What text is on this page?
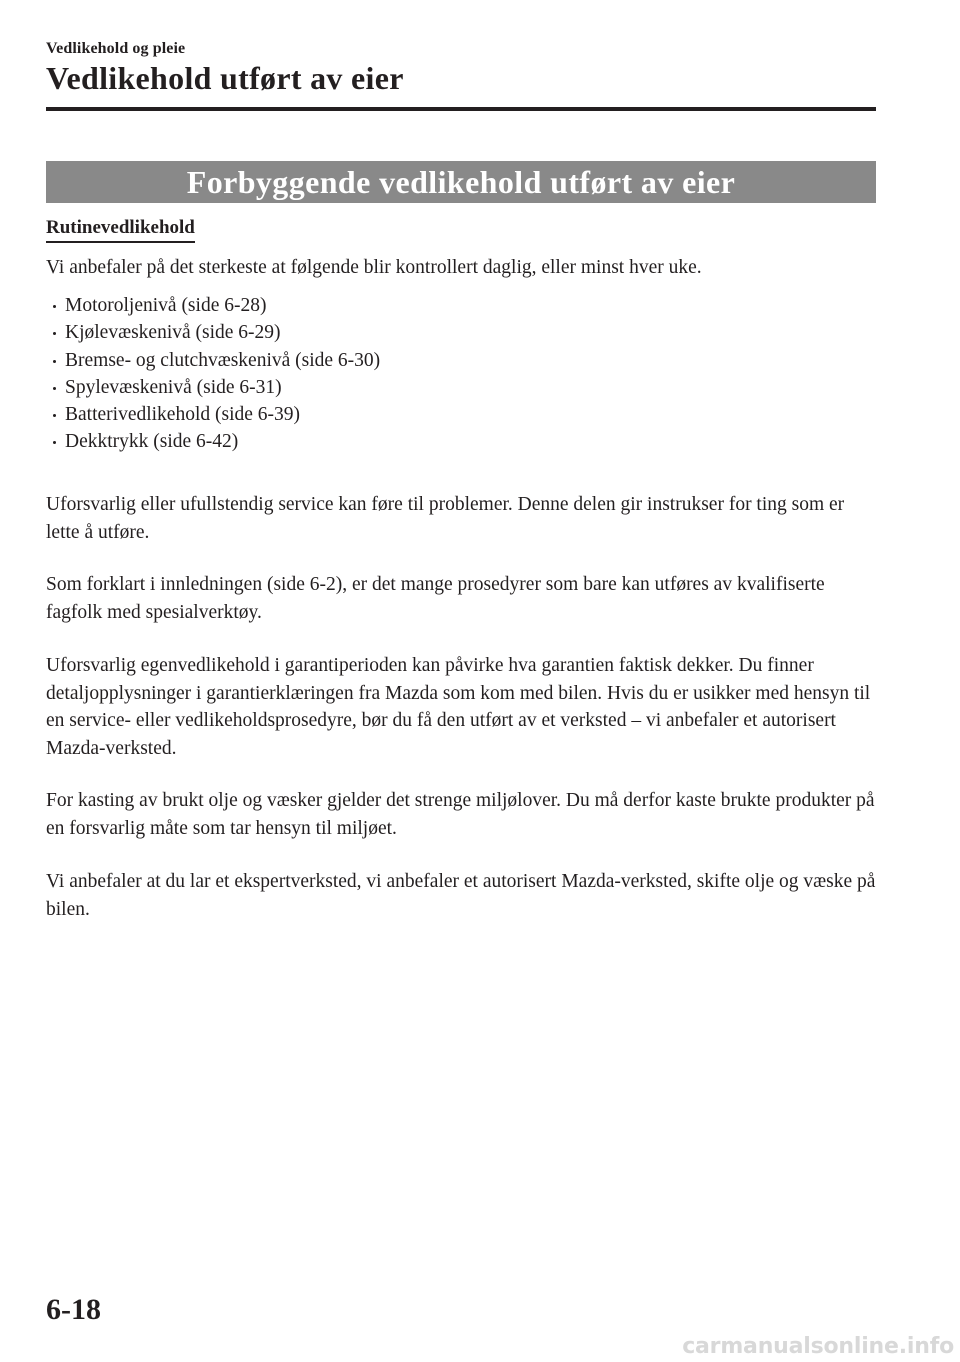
Vedlikehold og pleie
Vedlikehold utført av eier
Forbyggende vedlikehold utført av eier
Rutinevedlikehold

Vi anbefaler på det sterkeste at følgende blir kontrollert daglig, eller minst hver uke.

Motoroljenivå (side 6-28)
Kjølevæskenivå (side 6-29)
Bremse- og clutchvæskenivå (side 6-30)
Spylevæskenivå (side 6-31)
Batterivedlikehold (side 6-39)
Dekktrykk (side 6-42)

Uforsvarlig eller ufullstendig service kan føre til problemer. Denne delen gir instrukser for ting som er lette å utføre.

Som forklart i innledningen (side 6-2), er det mange prosedyrer som bare kan utføres av kvalifiserte fagfolk med spesialverktøy.

Uforsvarlig egenvedlikehold i garantiperioden kan påvirke hva garantien faktisk dekker. Du finner detaljopplysninger i garantierklæringen fra Mazda som kom med bilen. Hvis du er usikker med hensyn til en service- eller vedlikeholdsprosedyre, bør du få den utført av et verksted – vi anbefaler et autorisert Mazda-verksted.

For kasting av brukt olje og væsker gjelder det strenge miljølover. Du må derfor kaste brukte produkter på en forsvarlig måte som tar hensyn til miljøet.

Vi anbefaler at du lar et ekspertverksted, vi anbefaler et autorisert Mazda-verksted, skifte olje og væske på bilen.

6-18
carmanualsonline.info
